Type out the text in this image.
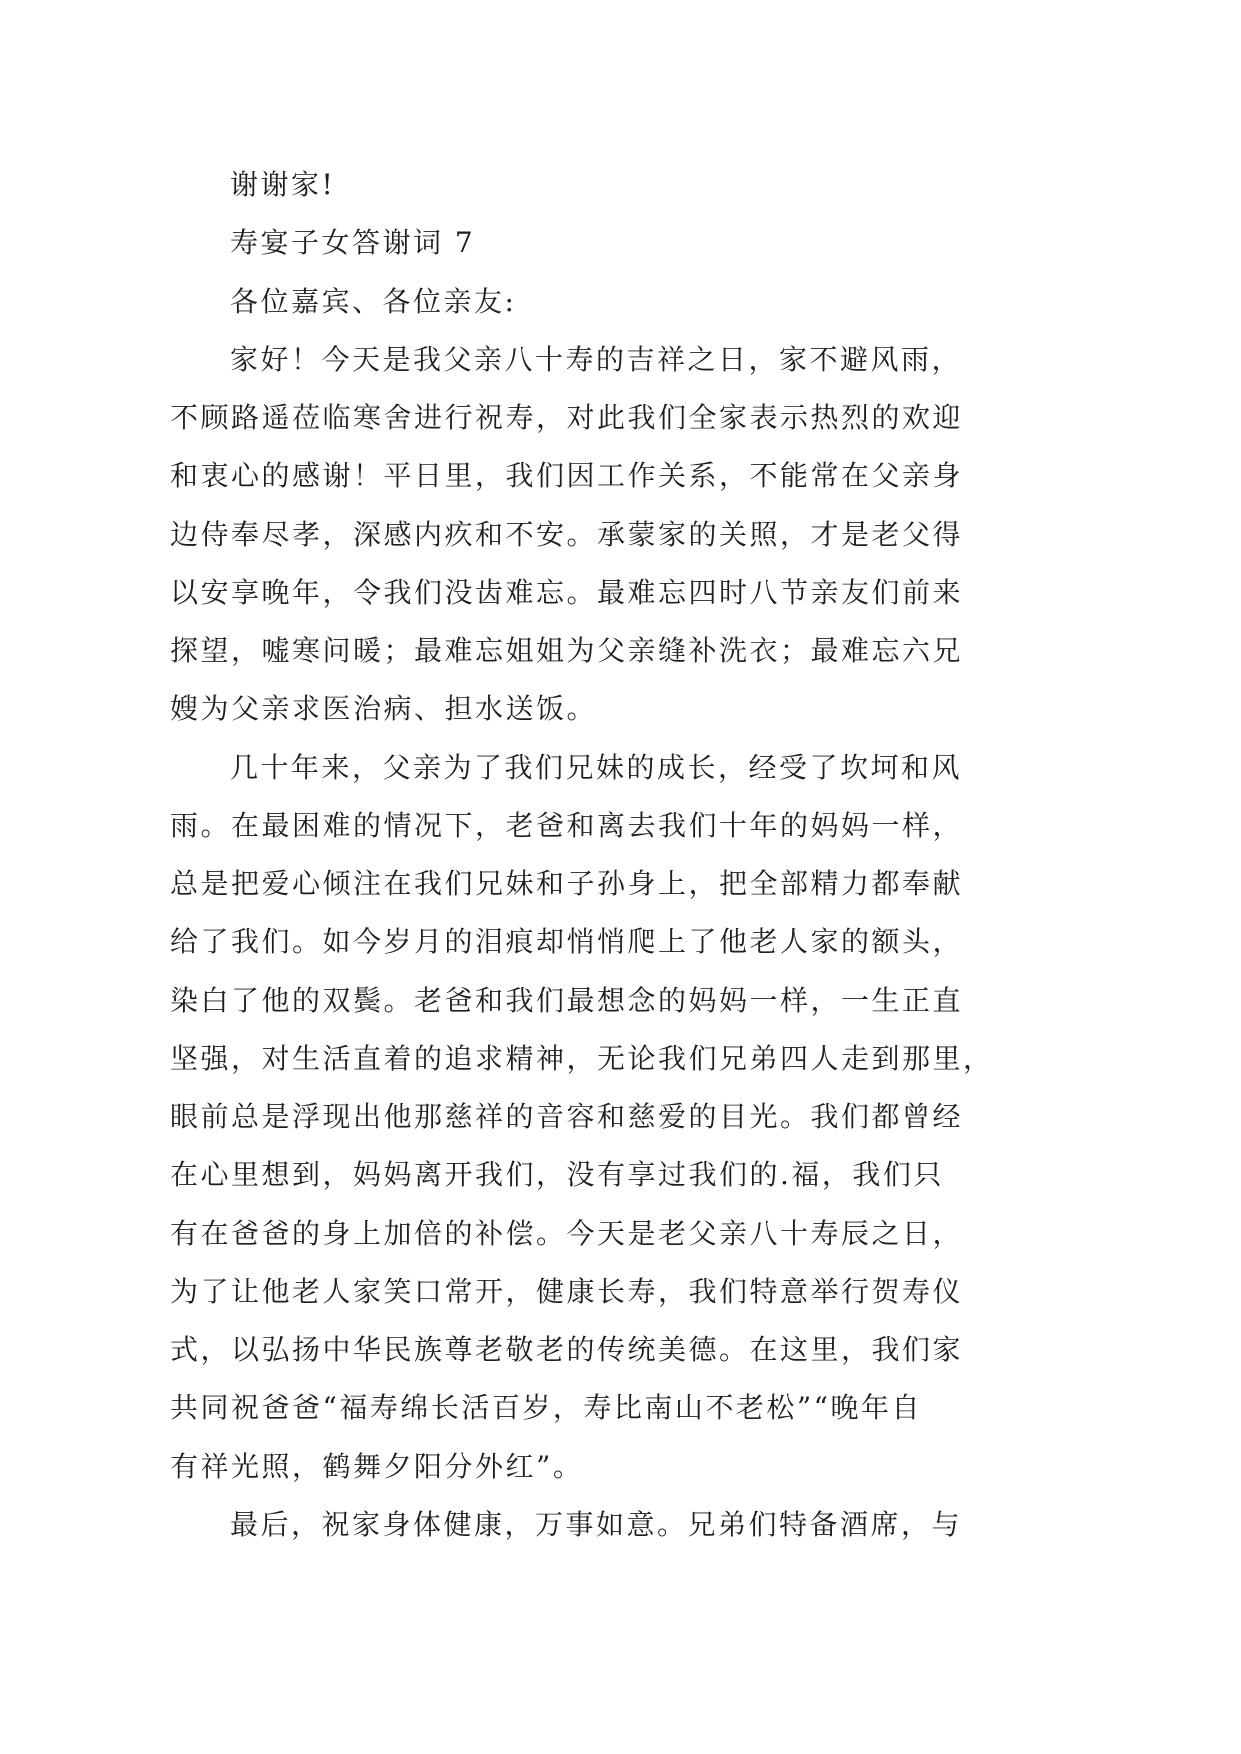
谢谢家!
寿宴子女答谢词 7
各位嘉宾、各位亲友:
家好！今天是我父亲八十寿的吉祥之日，家不避风雨，
不顾路遥莅临寒舍进行祝寿，对此我们全家表示热烈的欢迎
和衷心的感谢！平日里，我们因工作关系，不能常在父亲身
边侍奉尽孝，深感内疚和不安。承蒙家的关照，才是老父得
以安享晚年，令我们没齿难忘。最难忘四时八节亲友们前来
探望，嘘寒问暖；最难忘姐姐为父亲缝补洗衣；最难忘六兄
嫂为父亲求医治病、担水送饭。
几十年来，父亲为了我们兄妹的成长，经受了坎坷和风
雨。在最困难的情况下，老爸和离去我们十年的妈妈一样，
总是把爱心倾注在我们兄妹和子孙身上，把全部精力都奉献
给了我们。如今岁月的泪痕却悄悄爬上了他老人家的额头，
染白了他的双鬓。老爸和我们最想念的妈妈一样，一生正直
坚强，对生活直着的追求精神，无论我们兄弟四人走到那里，
眼前总是浮现出他那慈祥的音容和慈爱的目光。我们都曾经
在心里想到，妈妈离开我们，没有享过我们的.福，我们只
有在爸爸的身上加倍的补偿。今天是老父亲八十寿辰之日，
为了让他老人家笑口常开，健康长寿，我们特意举行贺寿仪
式，以弘扬中华民族尊老敬老的传统美德。在这里，我们家
共同祝爸爸“福寿绵长活百岁，寿比南山不老松”“晚年自
有祥光照，鹤舞夕阳分外红”。
最后，祝家身体健康，万事如意。兄弟们特备酒席，与
